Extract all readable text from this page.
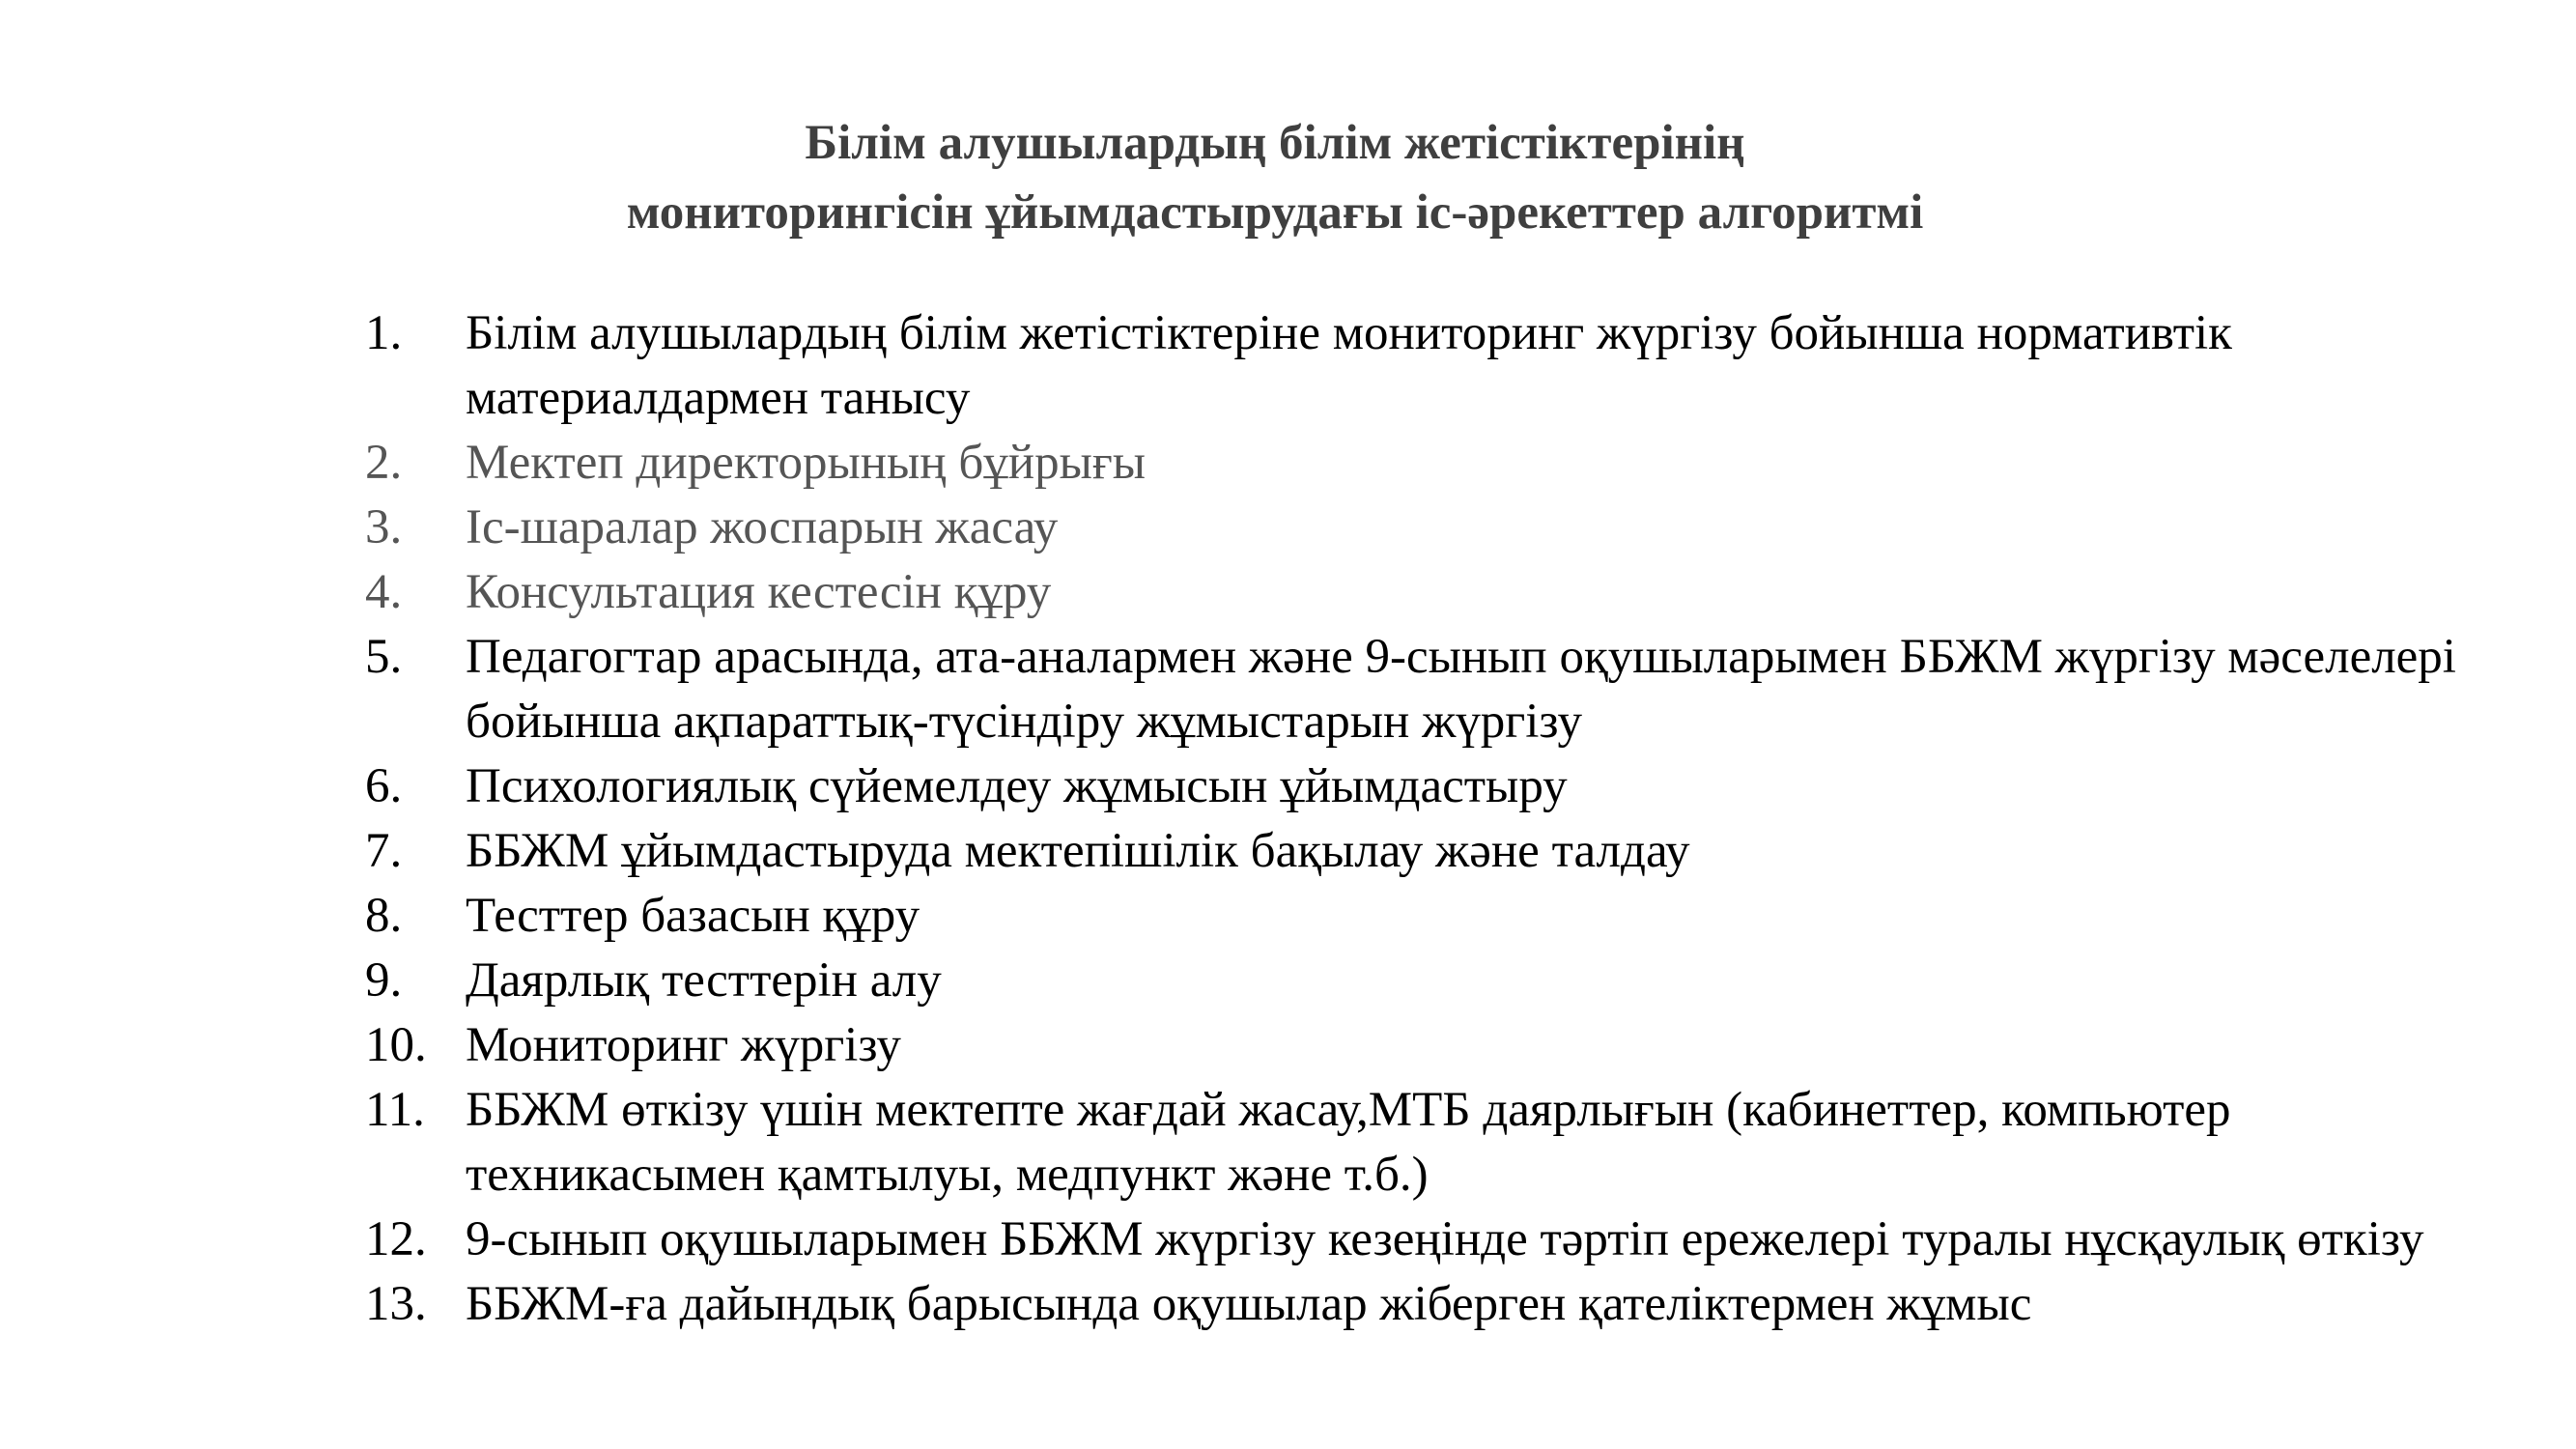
Білім алушылардың білім жетістіктерінің
мониторингісін ұйымдастырудағы іс-әрекеттер алгоритмі
1.	Білім алушылардың білім жетістіктеріне мониторинг жүргізу бойынша нормативтік материалдармен танысу
2.	Мектеп директорының бұйрығы
3.	Іс-шаралар жоспарын жасау
4.	Консультация кестесін құру
5.	Педагогтар арасында, ата-аналармен және 9-сынып оқушыларымен ББЖМ жүргізу мәселелері бойынша ақпараттық-түсіндіру жұмыстарын жүргізу
6.	Психологиялық сүйемелдеу жұмысын ұйымдастыру
7.	ББЖМ ұйымдастыруда мектепішілік бақылау және талдау
8.	Тесттер базасын құру
9.	Даярлық тесттерін алу
10. Мониторинг жүргізу
11. ББЖМ өткізу үшін мектепте жағдай жасау,МТБ даярлығын (кабинеттер, компьютер техникасымен қамтылуы, медпункт және т.б.)
12. 9-сынып оқушыларымен ББЖМ жүргізу кезеңінде тәртіп ережелері туралы нұсқаулық өткізу
13. ББЖМ-ға дайындық барысында оқушылар жіберген қателіктермен жұмыс
